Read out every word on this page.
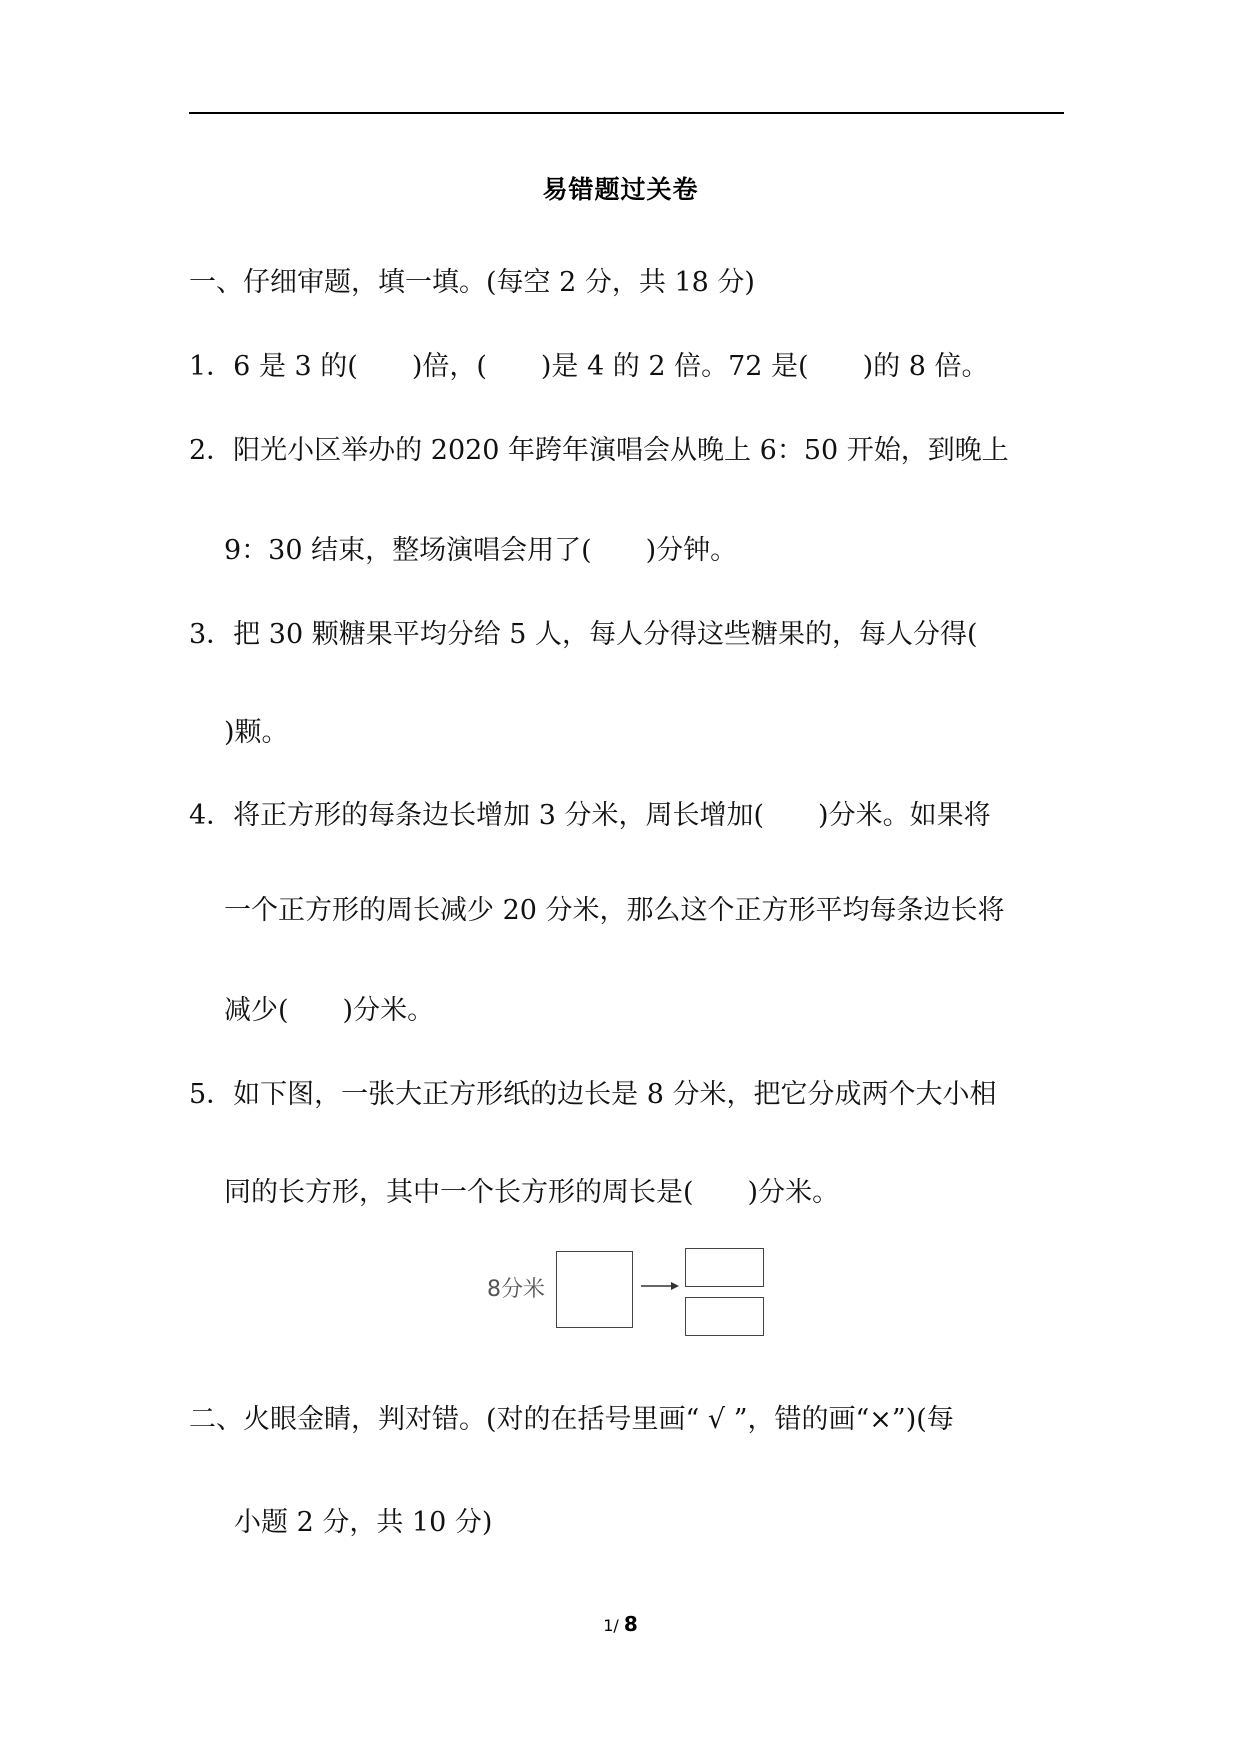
易错题过关卷
一、仔细审题，填一填。(每空 2 分，共 18 分)
1．6 是 3 的(　　)倍，(　　)是 4 的 2 倍。72 是(　　)的 8 倍。
2．阳光小区举办的 2020 年跨年演唱会从晚上 6：50 开始，到晚上
9：30 结束，整场演唱会用了(　　)分钟。
3．把 30 颗糖果平均分给 5 人，每人分得这些糖果的，每人分得(
)颗。
4．将正方形的每条边长增加 3 分米，周长增加(　　)分米。如果将
一个正方形的周长减少 20 分米，那么这个正方形平均每条边长将
减少(　　)分米。
5．如下图，一张大正方形纸的边长是 8 分米，把它分成两个大小相
同的长方形，其中一个长方形的周长是(　　)分米。
8分米
二、火眼金睛，判对错。(对的在括号里画“ √ ”，错的画“×”)(每
小题 2 分，共 10 分)
1/ 8
